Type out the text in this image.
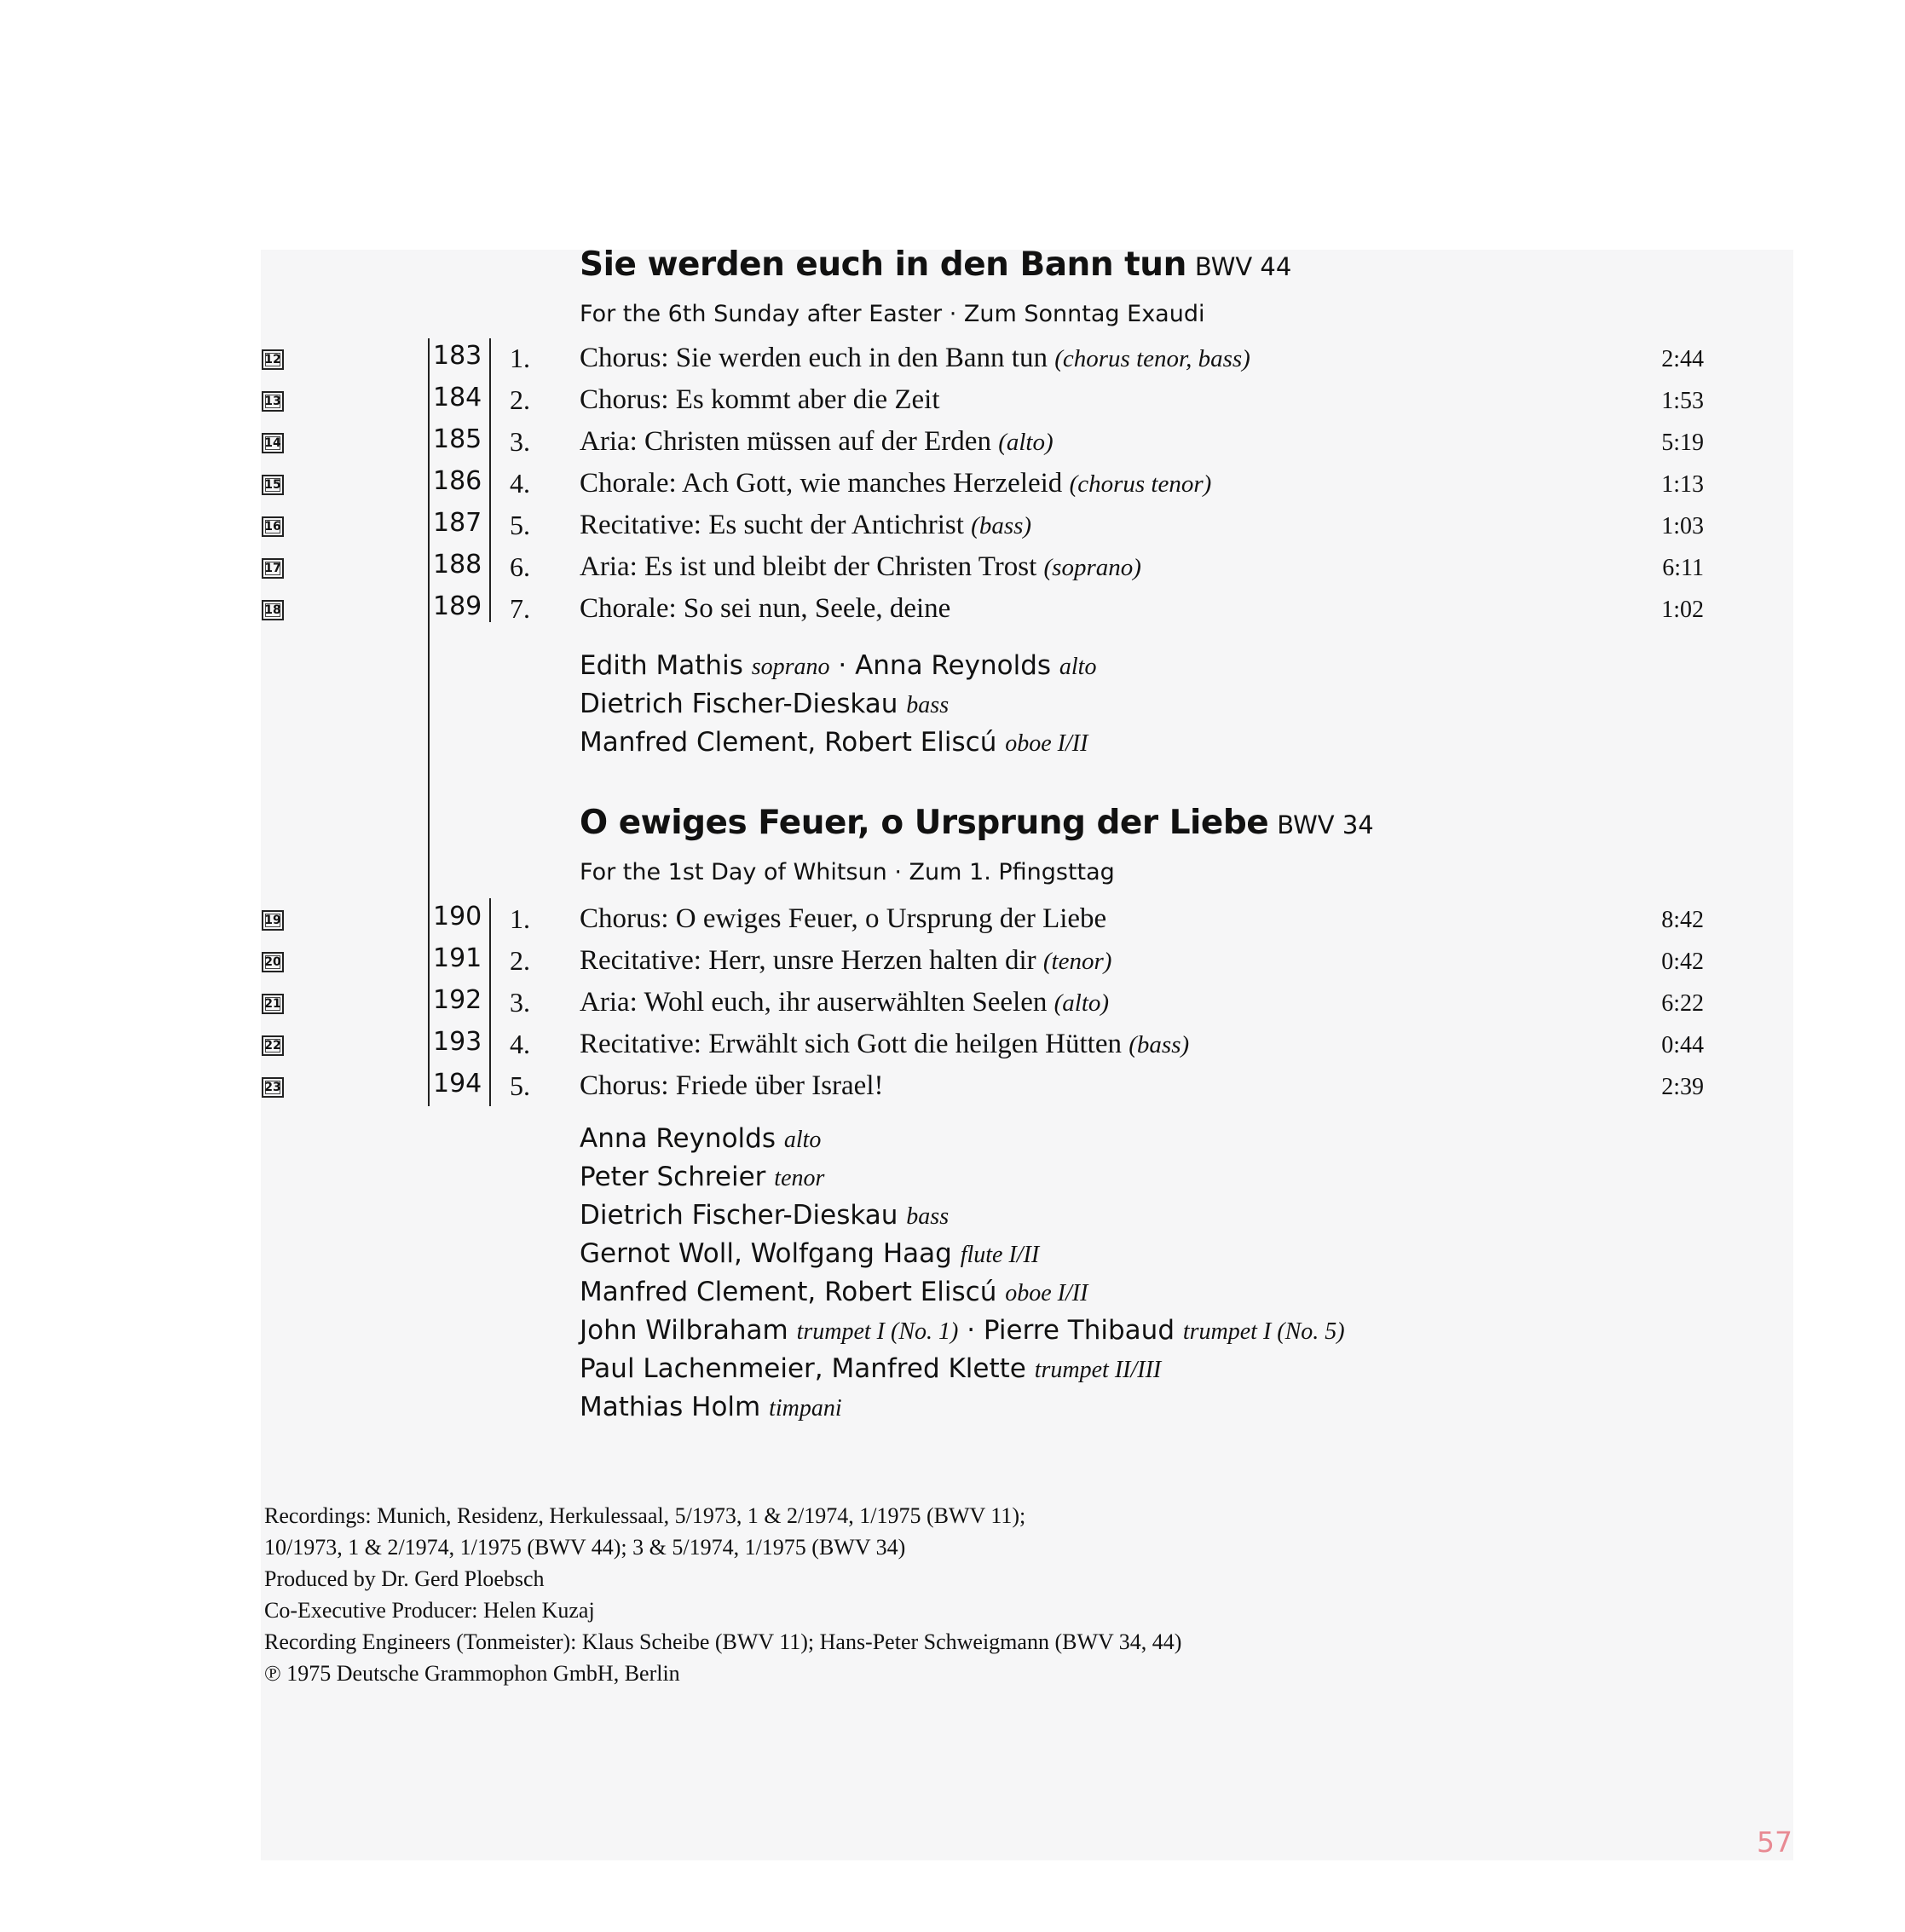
Sie werden euch in den Bann tun BWV 44
For the 6th Sunday after Easter · Zum Sonntag Exaudi
12	183 1. Chorus: Sie werden euch in den Bann tun (chorus tenor, bass)	2:44
13	184 2. Chorus: Es kommt aber die Zeit	1:53
14	185 3. Aria: Christen müssen auf der Erden (alto)	5:19
15	186 4. Chorale: Ach Gott, wie manches Herzeleid (chorus tenor)	1:13
16	187 5. Recitative: Es sucht der Antichrist (bass)	1:03
17	188 6. Aria: Es ist und bleibt der Christen Trost (soprano)	6:11
18	189 7. Chorale: So sei nun, Seele, deine	1:02
Edith Mathis soprano · Anna Reynolds alto
Dietrich Fischer-Dieskau bass
Manfred Clement, Robert Eliscú oboe I/II
O ewiges Feuer, o Ursprung der Liebe BWV 34
For the 1st Day of Whitsun · Zum 1. Pfingsttag
19	190 1. Chorus: O ewiges Feuer, o Ursprung der Liebe	8:42
20	191 2. Recitative: Herr, unsre Herzen halten dir (tenor)	0:42
21	192 3. Aria: Wohl euch, ihr auserwählten Seelen (alto)	6:22
22	193 4. Recitative: Erwählt sich Gott die heilgen Hütten (bass)	0:44
23	194 5. Chorus: Friede über Israel!	2:39
Anna Reynolds alto
Peter Schreier tenor
Dietrich Fischer-Dieskau bass
Gernot Woll, Wolfgang Haag flute I/II
Manfred Clement, Robert Eliscú oboe I/II
John Wilbraham trumpet I (No. 1) · Pierre Thibaud trumpet I (No. 5)
Paul Lachenmeier, Manfred Klette trumpet II/III
Mathias Holm timpani
Recordings: Munich, Residenz, Herkulessaal, 5/1973, 1 & 2/1974, 1/1975 (BWV 11);
10/1973, 1 & 2/1974, 1/1975 (BWV 44); 3 & 5/1974, 1/1975 (BWV 34)
Produced by Dr. Gerd Ploebsch
Co-Executive Producer: Helen Kuzaj
Recording Engineers (Tonmeister): Klaus Scheibe (BWV 11); Hans-Peter Schweigmann (BWV 34, 44)
℗ 1975 Deutsche Grammophon GmbH, Berlin
57
